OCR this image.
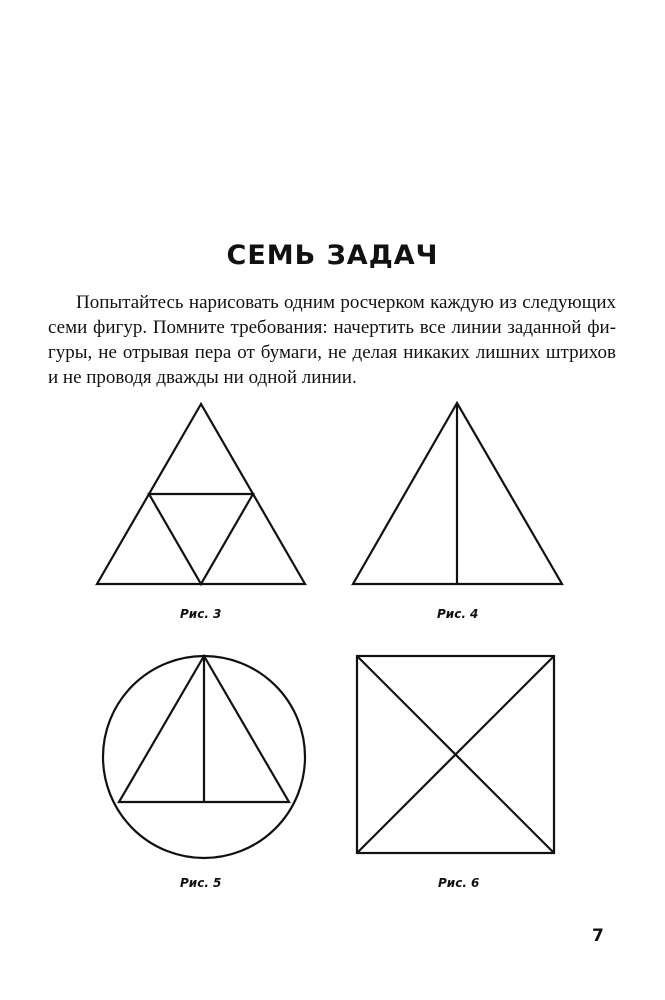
СЕМЬ ЗАДАЧ
Попытайтесь нарисовать одним росчерком каждую из следующих
семи фигур. Помните требования: начертить все линии заданной фи-
гуры, не отрывая пера от бумаги, не делая никаких лишних штрихов
и не проводя дважды ни одной линии.
Рис. 3	Рис. 4
Рис. 5	Рис. 6
7
